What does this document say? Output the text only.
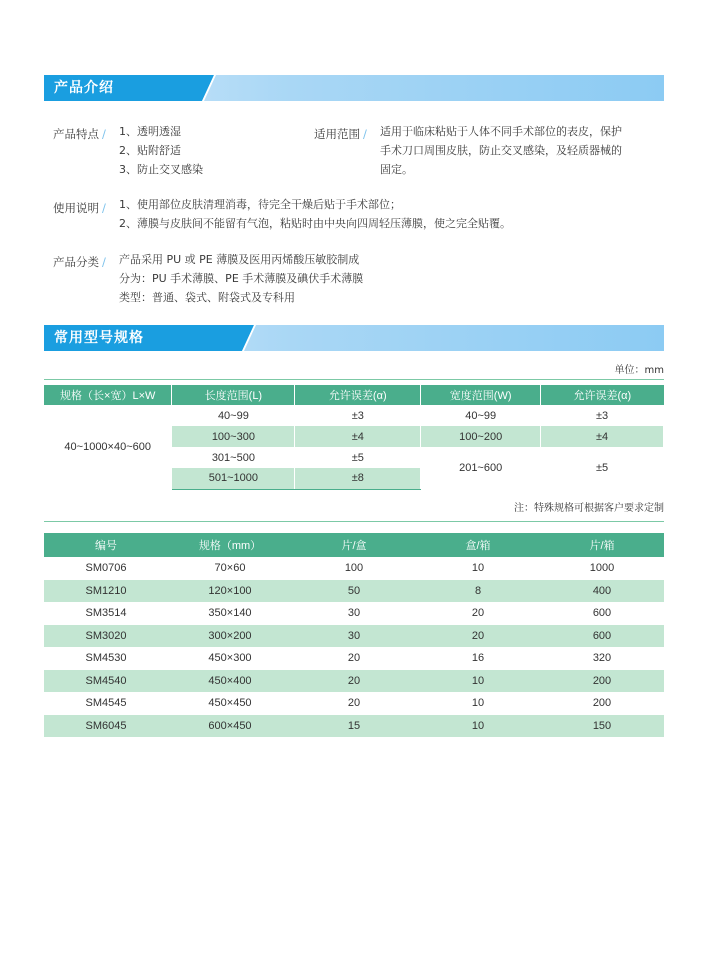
产品介绍
产品特点 / 1、透明透湿
2、贴附舒适
3、防止交叉感染
适用范围 / 适用于临床粘贴于人体不同手术部位的表皮，保护
手术刀口周围皮肤，防止交叉感染，及轻质器械的
固定。
使用说明 / 1、使用部位皮肤清理消毒，待完全干燥后贴于手术部位；
2、薄膜与皮肤间不能留有气泡，粘贴时由中央向四周轻压薄膜，使之完全贴覆。
产品分类 / 产品采用 PU 或 PE 薄膜及医用丙烯酸压敏胶制成
分为：PU 手术薄膜、PE 手术薄膜及碘伏手术薄膜
类型：普通、袋式、附袋式及专科用
常用型号规格
单位：mm
规格（长×宽）L×W	长度范围(L)	允许误差(α)	宽度范围(W)	允许误差(α)
40~1000×40~600	40~99	±3	40~99	±3
	100~300	±4	100~200	±4
	301~500	±5	201~600	±5
	501~1000	±8		
注：特殊规格可根据客户要求定制
编号	规格（mm）	片/盒	盒/箱	片/箱
SM0706	70×60	100	10	1000
SM1210	120×100	50	8	400
SM3514	350×140	30	20	600
SM3020	300×200	30	20	600
SM4530	450×300	20	16	320
SM4540	450×400	20	10	200
SM4545	450×450	20	10	200
SM6045	600×450	15	10	150
